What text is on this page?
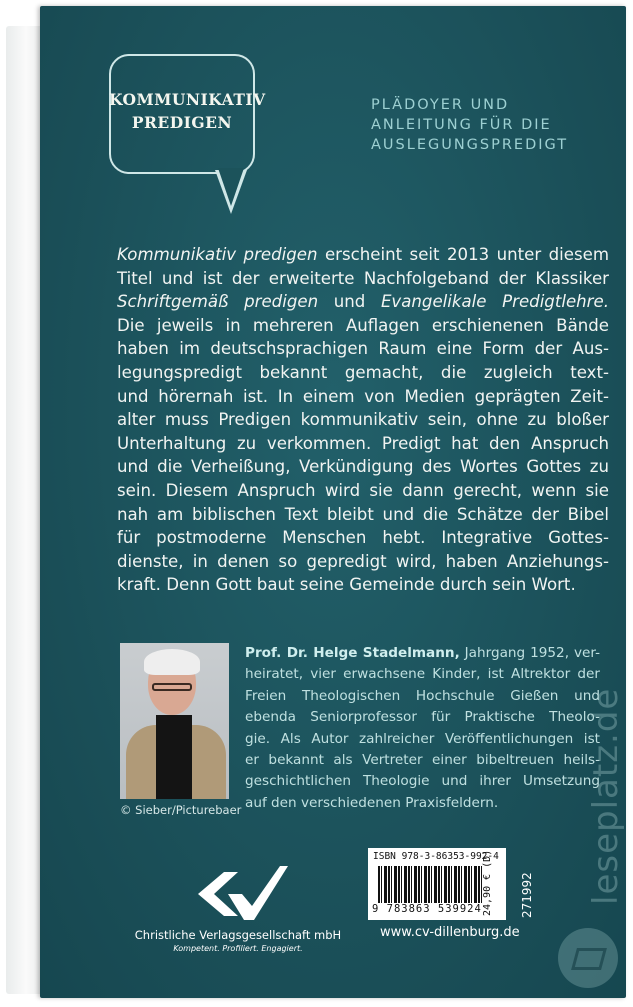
KOMMUNIKATIV
PREDIGEN
PLÄDOYER UND
ANLEITUNG FÜR DIE
AUSLEGUNGSPREDIGT
Kommunikativ predigen erscheint seit 2013 unter diesem
Titel und ist der erweiterte Nachfolgeband der Klassiker
Schriftgemäß predigen und Evangelikale Predigtlehre.
Die jeweils in mehreren Auflagen erschienenen Bände
haben im deutschsprachigen Raum eine Form der Aus-
legungspredigt bekannt gemacht, die zugleich text-
und hörernah ist. In einem von Medien geprägten Zeit-
alter muss Predigen kommunikativ sein, ohne zu bloßer
Unterhaltung zu verkommen. Predigt hat den Anspruch
und die Verheißung, Verkündigung des Wortes Gottes zu
sein. Diesem Anspruch wird sie dann gerecht, wenn sie
nah am biblischen Text bleibt und die Schätze der Bibel
für postmoderne Menschen hebt. Integrative Gottes-
dienste, in denen so gepredigt wird, haben Anziehungs-
kraft. Denn Gott baut seine Gemeinde durch sein Wort.
© Sieber/Picturebaer
Prof. Dr. Helge Stadelmann, Jahrgang 1952, ver-
heiratet, vier erwachsene Kinder, ist Altrektor der
Freien Theologischen Hochschule Gießen und
ebenda Seniorprofessor für Praktische Theolo-
gie. Als Autor zahlreicher Veröffentlichungen ist
er bekannt als Vertreter einer bibeltreuen heils-
geschichtlichen Theologie und ihrer Umsetzung
auf den verschiedenen Praxisfeldern.
Christliche Verlagsgesellschaft mbH
Kompetent. Profiliert. Engagiert.
ISBN 978-3-86353-992-4
9 783863 539924 24,90 € (D) 271992
www.cv-dillenburg.de
leseplatz.de
